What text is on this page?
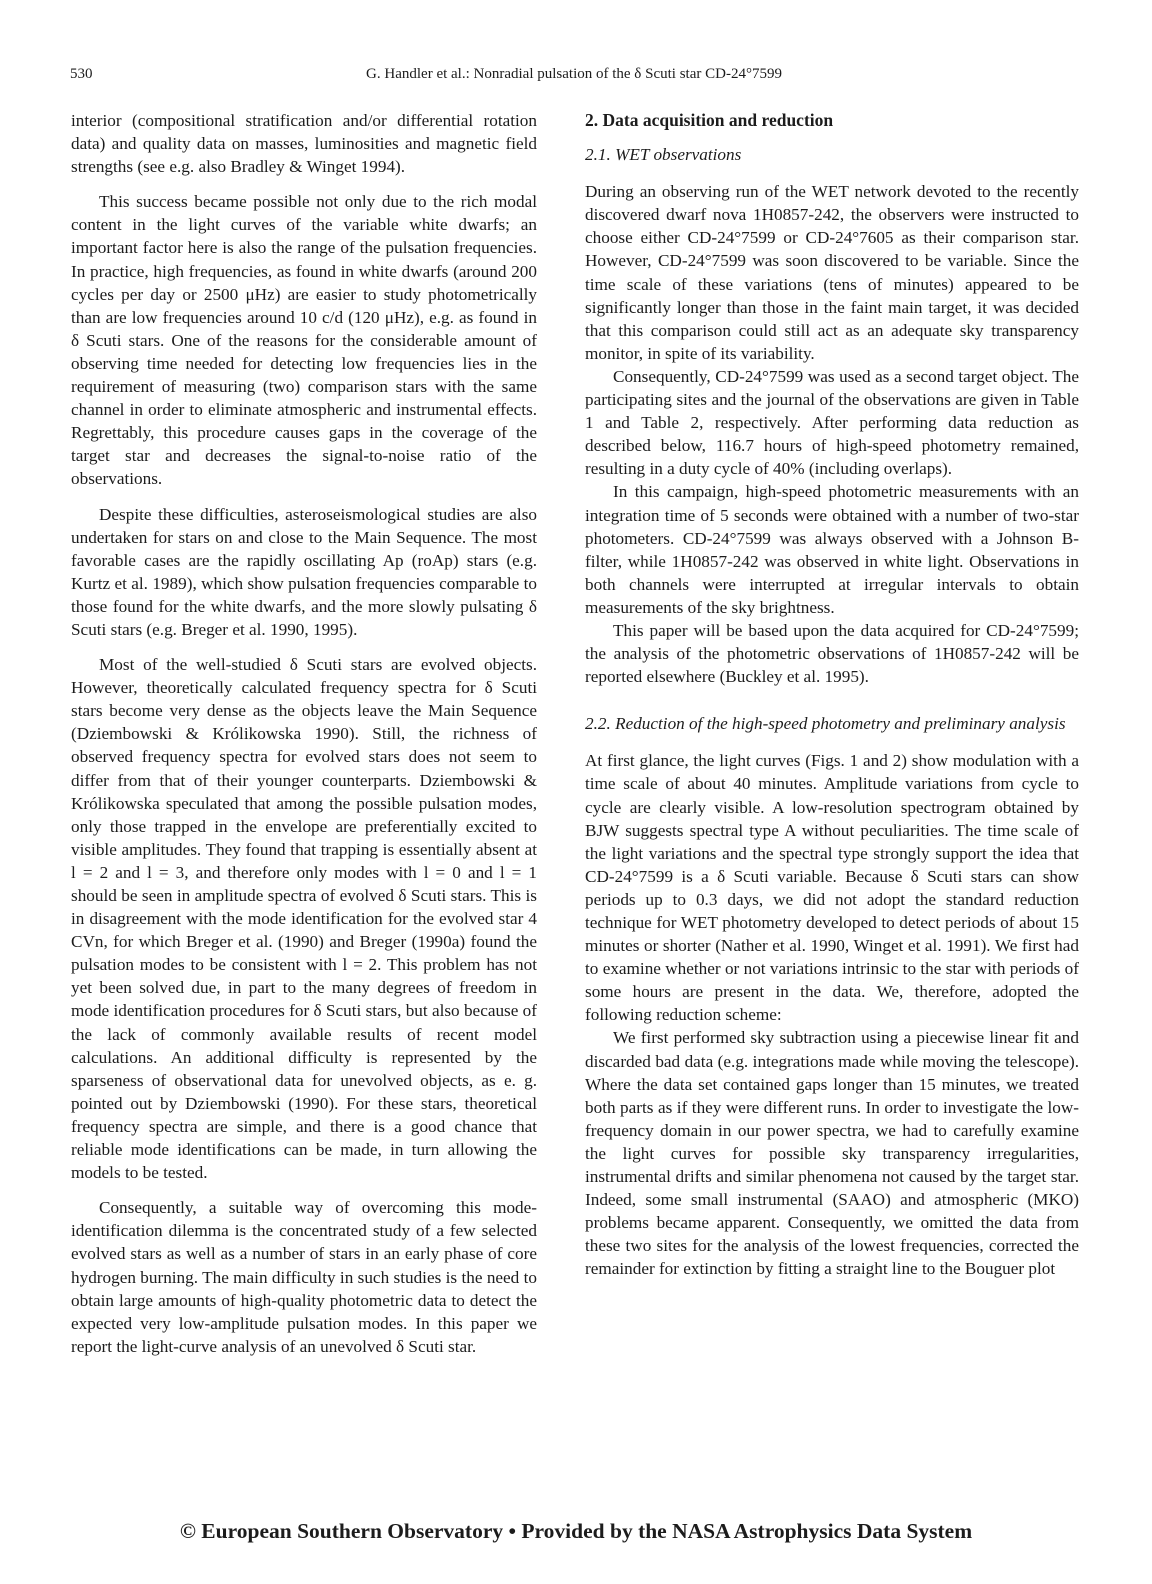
530	G. Handler et al.: Nonradial pulsation of the δ Scuti star CD-24°7599

interior (compositional stratification and/or differential rotation data) and quality data on masses, luminosities and magnetic field strengths (see e.g. also Bradley & Winget 1994).

This success became possible not only due to the rich modal content in the light curves of the variable white dwarfs; an important factor here is also the range of the pulsation frequencies. In practice, high frequencies, as found in white dwarfs (around 200 cycles per day or 2500 μHz) are easier to study photometrically than are low frequencies around 10 c/d (120 μHz), e.g. as found in δ Scuti stars. One of the reasons for the considerable amount of observing time needed for detecting low frequencies lies in the requirement of measuring (two) comparison stars with the same channel in order to eliminate atmospheric and instrumental effects. Regrettably, this procedure causes gaps in the coverage of the target star and decreases the signal-to-noise ratio of the observations.

Despite these difficulties, asteroseismological studies are also undertaken for stars on and close to the Main Sequence. The most favorable cases are the rapidly oscillating Ap (roAp) stars (e.g. Kurtz et al. 1989), which show pulsation frequencies comparable to those found for the white dwarfs, and the more slowly pulsating δ Scuti stars (e.g. Breger et al. 1990, 1995).

Most of the well-studied δ Scuti stars are evolved objects. However, theoretically calculated frequency spectra for δ Scuti stars become very dense as the objects leave the Main Sequence (Dziembowski & Królikowska 1990). Still, the richness of observed frequency spectra for evolved stars does not seem to differ from that of their younger counterparts. Dziembowski & Królikowska speculated that among the possible pulsation modes, only those trapped in the envelope are preferentially excited to visible amplitudes. They found that trapping is essentially absent at l = 2 and l = 3, and therefore only modes with l = 0 and l = 1 should be seen in amplitude spectra of evolved δ Scuti stars. This is in disagreement with the mode identification for the evolved star 4 CVn, for which Breger et al. (1990) and Breger (1990a) found the pulsation modes to be consistent with l = 2. This problem has not yet been solved due, in part to the many degrees of freedom in mode identification procedures for δ Scuti stars, but also because of the lack of commonly available results of recent model calculations. An additional difficulty is represented by the sparseness of observational data for unevolved objects, as e. g. pointed out by Dziembowski (1990). For these stars, theoretical frequency spectra are simple, and there is a good chance that reliable mode identifications can be made, in turn allowing the models to be tested.

Consequently, a suitable way of overcoming this mode-identification dilemma is the concentrated study of a few selected evolved stars as well as a number of stars in an early phase of core hydrogen burning. The main difficulty in such studies is the need to obtain large amounts of high-quality photometric data to detect the expected very low-amplitude pulsation modes. In this paper we report the light-curve analysis of an unevolved δ Scuti star.

2. Data acquisition and reduction
2.1. WET observations

During an observing run of the WET network devoted to the recently discovered dwarf nova 1H0857-242, the observers were instructed to choose either CD-24°7599 or CD-24°7605 as their comparison star. However, CD-24°7599 was soon discovered to be variable. Since the time scale of these variations (tens of minutes) appeared to be significantly longer than those in the faint main target, it was decided that this comparison could still act as an adequate sky transparency monitor, in spite of its variability.

Consequently, CD-24°7599 was used as a second target object. The participating sites and the journal of the observations are given in Table 1 and Table 2, respectively. After performing data reduction as described below, 116.7 hours of high-speed photometry remained, resulting in a duty cycle of 40% (including overlaps).

In this campaign, high-speed photometric measurements with an integration time of 5 seconds were obtained with a number of two-star photometers. CD-24°7599 was always observed with a Johnson B-filter, while 1H0857-242 was observed in white light. Observations in both channels were interrupted at irregular intervals to obtain measurements of the sky brightness.

This paper will be based upon the data acquired for CD-24°7599; the analysis of the photometric observations of 1H0857-242 will be reported elsewhere (Buckley et al. 1995).

2.2. Reduction of the high-speed photometry and preliminary analysis

At first glance, the light curves (Figs. 1 and 2) show modulation with a time scale of about 40 minutes. Amplitude variations from cycle to cycle are clearly visible. A low-resolution spectrogram obtained by BJW suggests spectral type A without peculiarities. The time scale of the light variations and the spectral type strongly support the idea that CD-24°7599 is a δ Scuti variable. Because δ Scuti stars can show periods up to 0.3 days, we did not adopt the standard reduction technique for WET photometry developed to detect periods of about 15 minutes or shorter (Nather et al. 1990, Winget et al. 1991). We first had to examine whether or not variations intrinsic to the star with periods of some hours are present in the data. We, therefore, adopted the following reduction scheme:

We first performed sky subtraction using a piecewise linear fit and discarded bad data (e.g. integrations made while moving the telescope). Where the data set contained gaps longer than 15 minutes, we treated both parts as if they were different runs. In order to investigate the low-frequency domain in our power spectra, we had to carefully examine the light curves for possible sky transparency irregularities, instrumental drifts and similar phenomena not caused by the target star. Indeed, some small instrumental (SAAO) and atmospheric (MKO) problems became apparent. Consequently, we omitted the data from these two sites for the analysis of the lowest frequencies, corrected the remainder for extinction by fitting a straight line to the Bouguer plot

© European Southern Observatory • Provided by the NASA Astrophysics Data System
